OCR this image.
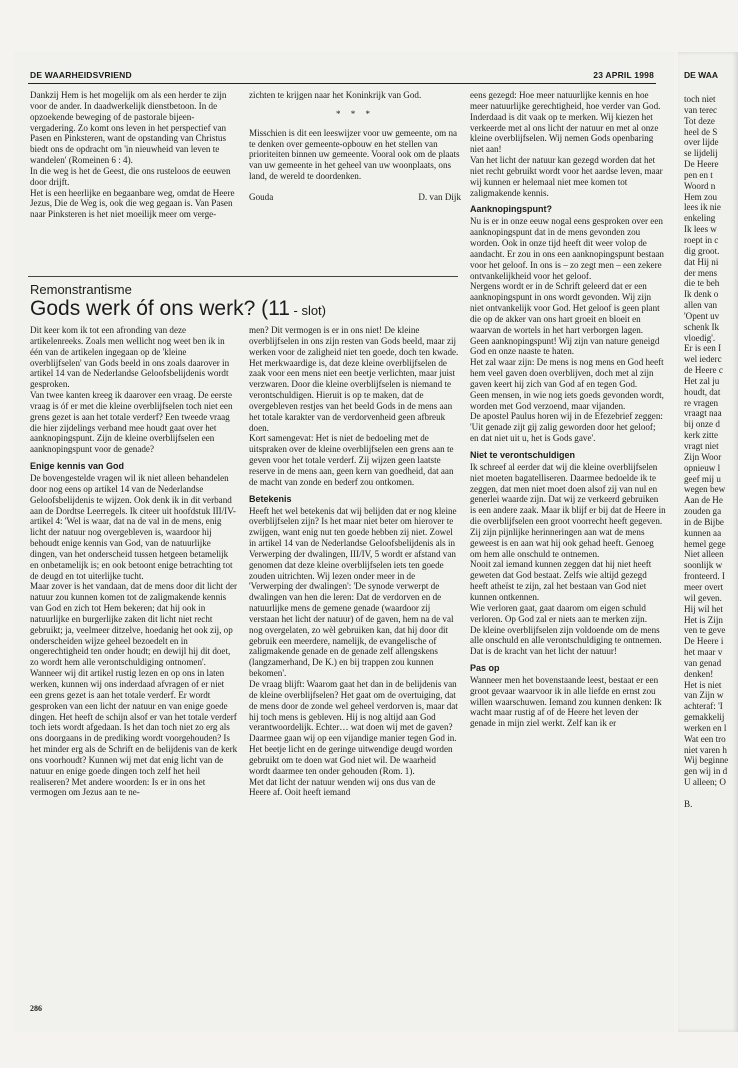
DE WAARHEIDSVRIEND	23 APRIL 1998

Dankzij Hem is het mogelijk om als een herder te zijn voor de ander. In daadwerkelijk dienstbetoon. In de opzoekende beweging of de pastorale bijeen-vergadering. Zo komt ons leven in het perspectief van Pasen en Pinksteren, want de opstanding van Christus biedt ons de opdracht om 'in nieuwheid van leven te wandelen' (Romeinen 6 : 4).

In die weg is het de Geest, die ons rusteloos de eeuwen door drijft.

Het is een heerlijke en begaanbare weg, omdat de Heere Jezus, Die de Weg is, ook die weg gegaan is. Van Pasen naar Pinksteren is het niet moeilijk meer om verge-

zichten te krijgen naar het Koninkrijk van God.

* * *

Misschien is dit een leeswijzer voor uw gemeente, om na te denken over gemeente-opbouw en het stellen van prioriteiten binnen uw gemeente. Vooral ook om de plaats van uw gemeente in het geheel van uw woonplaats, ons land, de wereld te doordenken.

Gouda	D. van Dijk
Remonstrantisme
Gods werk óf ons werk? (11 - slot)

Dit keer kom ik tot een afronding van deze artikelenreeks. Zoals men wellicht nog weet ben ik in één van de artikelen ingegaan op de 'kleine overblijfselen' van Gods beeld in ons zoals daarover in artikel 14 van de Nederlandse Geloofsbelijdenis wordt gesproken.

Van twee kanten kreeg ik daarover een vraag. De eerste vraag is óf er met die kleine overblijfselen toch niet een grens gezet is aan het totale verderf? Een tweede vraag die hier zijdelings verband mee houdt gaat over het aanknopingspunt. Zijn de kleine overblijfselen een aanknopingspunt voor de genade?

Enige kennis van God

De bovengestelde vragen wil ik niet alleen behandelen door nog eens op artikel 14 van de Nederlandse Geloofsbelijdenis te wijzen. Ook denk ik in dit verband aan de Dordtse Leerregels. Ik citeer uit hoofdstuk III/IV-artikel 4: 'Wel is waar, dat na de val in de mens, enig licht der natuur nog overgebleven is, waardoor hij behoudt enige kennis van God, van de natuurlijke dingen, van het onderscheid tussen hetgeen betamelijk en onbetamelijk is; en ook betoont enige betrachting tot de deugd en tot uiterlijke tucht.

Maar zover is het vandaan, dat de mens door dit licht der natuur zou kunnen komen tot de zaligmakende kennis van God en zich tot Hem bekeren; dat hij ook in natuurlijke en burgerlijke zaken dit licht niet recht gebruikt; ja, veelmeer ditzelve, hoedanig het ook zij, op onderscheiden wijze geheel bezoedelt en in ongerechtigheid ten onder houdt; en dewijl hij dit doet, zo wordt hem alle verontschuldiging ontnomen'.

Wanneer wij dit artikel rustig lezen en op ons in laten werken, kunnen wij ons inderdaad afvragen of er niet een grens gezet is aan het totale verderf. Er wordt gesproken van een licht der natuur en van enige goede dingen. Het heeft de schijn alsof er van het totale verderf toch iets wordt afgedaan. Is het dan toch niet zo erg als ons doorgaans in de prediking wordt voorgehouden? Is het minder erg als de Schrift en de belijdenis van de kerk ons voorhoudt? Kunnen wij met dat enig licht van de natuur en enige goede dingen toch zelf het heil realiseren? Met andere woorden: Is er in ons het vermogen om Jezus aan te ne-

men? Dit vermogen is er in ons niet! De kleine overblijfselen in ons zijn resten van Gods beeld, maar zij werken voor de zaligheid niet ten goede, doch ten kwade.

Het merkwaardige is, dat deze kleine overblijfselen de zaak voor een mens niet een beetje verlichten, maar juist verzwaren. Door die kleine overblijfselen is niemand te verontschuldigen. Hieruit is op te maken, dat de overgebleven restjes van het beeld Gods in de mens aan het totale karakter van de verdorvenheid geen afbreuk doen.

Kort samengevat: Het is niet de bedoeling met de uitspraken over de kleine overblijfselen een grens aan te geven voor het totale verderf. Zij wijzen geen laatste reserve in de mens aan, geen kern van goedheid, dat aan de macht van zonde en bederf zou ontkomen.

Betekenis

Heeft het wel betekenis dat wij belijden dat er nog kleine overblijfselen zijn? Is het maar niet beter om hierover te zwijgen, want enig nut ten goede hebben zij niet. Zowel in artikel 14 van de Nederlandse Geloofsbelijdenis als in Verwerping der dwalingen, III/IV, 5 wordt er afstand van genomen dat deze kleine overblijfselen iets ten goede zouden uitrichten. Wij lezen onder meer in de 'Verwerping der dwalingen': 'De synode verwerpt de dwalingen van hen die leren: Dat de verdorven en de natuurlijke mens de gemene genade (waardoor zij verstaan het licht der natuur) of de gaven, hem na de val nog overgelaten, zo wèl gebruiken kan, dat hij door dit gebruik een meerdere, namelijk, de evangelische of zaligmakende genade en de genade zelf allengskens (langzamerhand, De K.) en bij trappen zou kunnen bekomen'.

De vraag blijft: Waarom gaat het dan in de belijdenis van de kleine overblijfselen? Het gaat om de overtuiging, dat de mens door de zonde wel geheel verdorven is, maar dat hij toch mens is gebleven. Hij is nog altijd aan God verantwoordelijk. Echter… wat doen wij met de gaven? Daarmee gaan wij op een vijandige manier tegen God in. Het beetje licht en de geringe uitwendige deugd worden gebruikt om te doen wat God niet wil. De waarheid wordt daarmee ten onder gehouden (Rom. 1).

Met dat licht der natuur wenden wij ons dus van de Heere af. Ooit heeft iemand

eens gezegd: Hoe meer natuurlijke kennis en hoe meer natuurlijke gerechtigheid, hoe verder van God. Inderdaad is dit vaak op te merken. Wij kiezen het verkeerde met al ons licht der natuur en met al onze kleine overblijfselen. Wij nemen Gods openbaring niet aan!

Van het licht der natuur kan gezegd worden dat het niet recht gebruikt wordt voor het aardse leven, maar wij kunnen er helemaal niet mee komen tot zaligmakende kennis.

Aanknopingspunt?

Nu is er in onze eeuw nogal eens gesproken over een aanknopingspunt dat in de mens gevonden zou worden. Ook in onze tijd heeft dit weer volop de aandacht. Er zou in ons een aanknopingspunt bestaan voor het geloof. In ons is – zo zegt men – een zekere ontvankelijkheid voor het geloof.

Nergens wordt er in de Schrift geleerd dat er een aanknopingspunt in ons wordt gevonden. Wij zijn niet ontvankelijk voor God. Het geloof is geen plant die op de akker van ons hart groeit en bloeit en waarvan de wortels in het hart verborgen lagen.

Geen aanknopingspunt! Wij zijn van nature geneigd God en onze naaste te haten.

Het zal waar zijn: De mens is nog mens en God heeft hem veel gaven doen overblijven, doch met al zijn gaven keert hij zich van God af en tegen God.

Geen mensen, in wie nog iets goeds gevonden wordt, worden met God verzoend, maar vijanden.

De apostel Paulus horen wij in de Efezebrief zeggen: 'Uit genade zijt gij zalig geworden door het geloof; en dat niet uit u, het is Gods gave'.

Niet te verontschuldigen

Ik schreef al eerder dat wij die kleine overblijfselen niet moeten bagatelliseren. Daarmee bedoelde ik te zeggen, dat men niet moet doen alsof zij van nul en generlei waarde zijn. Dat wij ze verkeerd gebruiken is een andere zaak. Maar ik blijf er bij dat de Heere in die overblijfselen een groot voorrecht heeft gegeven. Zij zijn pijnlijke herinneringen aan wat de mens geweest is en aan wat hij ook gehad heeft. Genoeg om hem alle onschuld te ontnemen.

Nooit zal iemand kunnen zeggen dat hij niet heeft geweten dat God bestaat. Zelfs wie altijd gezegd heeft atheïst te zijn, zal het bestaan van God niet kunnen ontkennen.

Wie verloren gaat, gaat daarom om eigen schuld verloren. Op God zal er niets aan te merken zijn.

De kleine overblijfselen zijn voldoende om de mens alle onschuld en alle verontschuldiging te ontnemen. Dat is de kracht van het licht der natuur!

Pas op

Wanneer men het bovenstaande leest, bestaat er een groot gevaar waarvoor ik in alle liefde en ernst zou willen waarschuwen. Iemand zou kunnen denken: Ik wacht maar rustig af of de Heere het leven der genade in mijn ziel werkt. Zelf kan ik er

286
DE WAA

toch niet

van terec

Tot deze

heel de S

over lijde

se lijdelij

De Heere

pen en t

Woord n

Hem zou

lees ik nie

enkeling

Ik lees w

roept in c

dig groot.

dat Hij ni

der mens

die te beh

Ik denk o

allen van

'Opent uv

schenk Ik

vloedig'.

Er is een I

wel iederc

de Heere c

Het zal ju

houdt, dat

re vragen

vraagt naa

bij onze d

kerk zitte

vragt niet

Zijn Woor

opnieuw l

geef mij u

wegen bew

Aan de He

zouden ga

in de Bijbe

kunnen aa

hemel gege

Niet alleen

soonlijk w

fronteerd. I

meer overt

wil geven.

Hij wil het

Het is Zijn

ven te geve

De Heere i

het maar v

van genad

denken!

Het is niet

van Zijn w

achteraf: 'I

gemakkelij

werken en l

Wat een tro

niet varen h

Wij beginne

gen wij in d

U alleen; O

B.
